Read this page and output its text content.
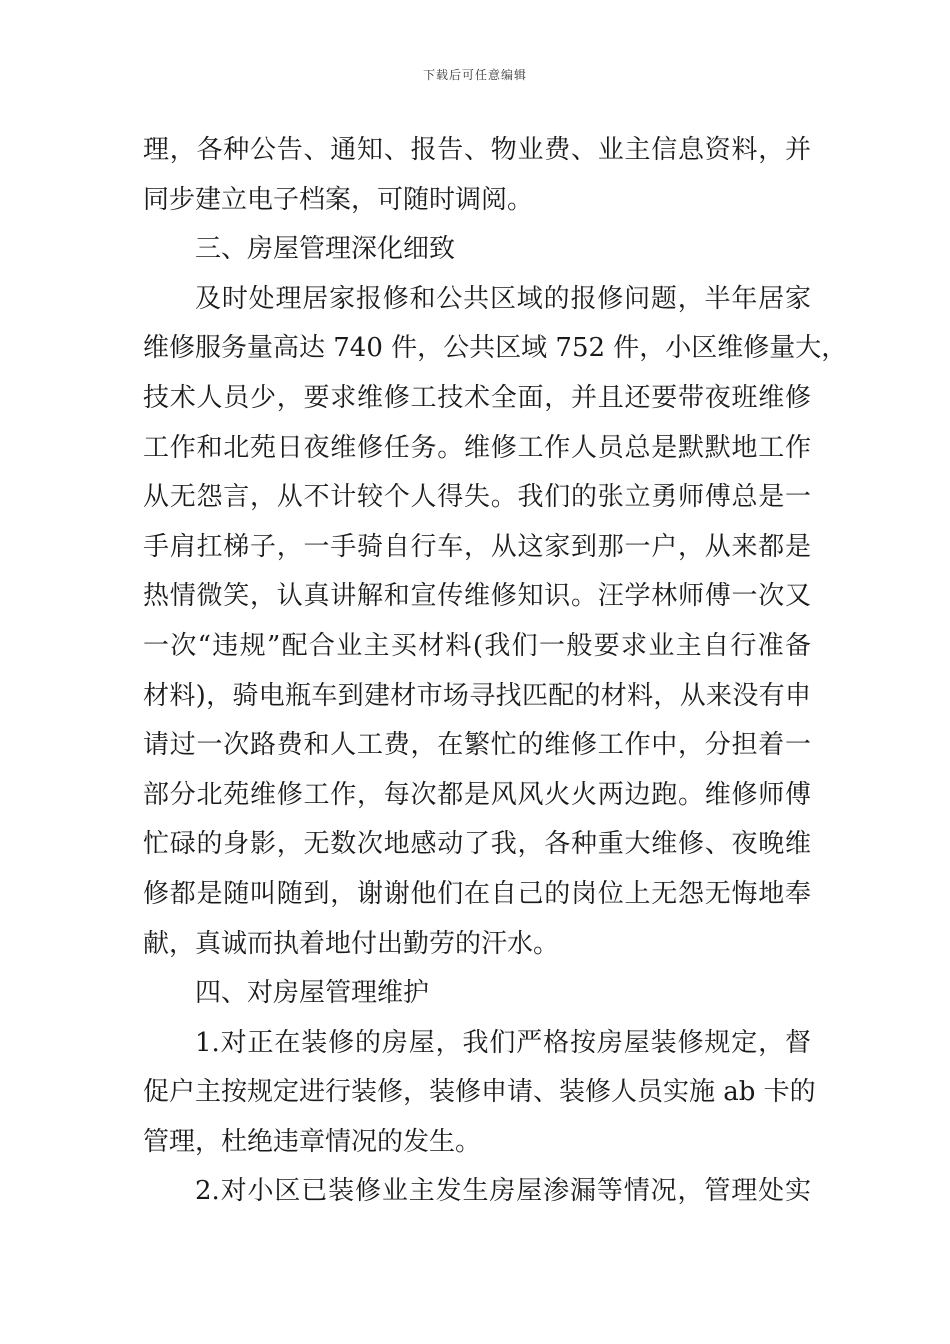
下载后可任意编辑
理，各种公告、通知、报告、物业费、业主信息资料，并
同步建立电子档案，可随时调阅。
三、房屋管理深化细致
及时处理居家报修和公共区域的报修问题，半年居家
维修服务量高达 740 件，公共区域 752 件，小区维修量大，
技术人员少，要求维修工技术全面，并且还要带夜班维修
工作和北苑日夜维修任务。维修工作人员总是默默地工作
从无怨言，从不计较个人得失。我们的张立勇师傅总是一
手肩扛梯子，一手骑自行车，从这家到那一户，从来都是
热情微笑，认真讲解和宣传维修知识。汪学林师傅一次又
一次“违规”配合业主买材料(我们一般要求业主自行准备
材料)，骑电瓶车到建材市场寻找匹配的材料，从来没有申
请过一次路费和人工费，在繁忙的维修工作中，分担着一
部分北苑维修工作，每次都是风风火火两边跑。维修师傅
忙碌的身影，无数次地感动了我，各种重大维修、夜晚维
修都是随叫随到，谢谢他们在自己的岗位上无怨无悔地奉
献，真诚而执着地付出勤劳的汗水。
四、对房屋管理维护
1.对正在装修的房屋，我们严格按房屋装修规定，督
促户主按规定进行装修，装修申请、装修人员实施 ab 卡的
管理，杜绝违章情况的发生。
2.对小区已装修业主发生房屋渗漏等情况，管理处实
